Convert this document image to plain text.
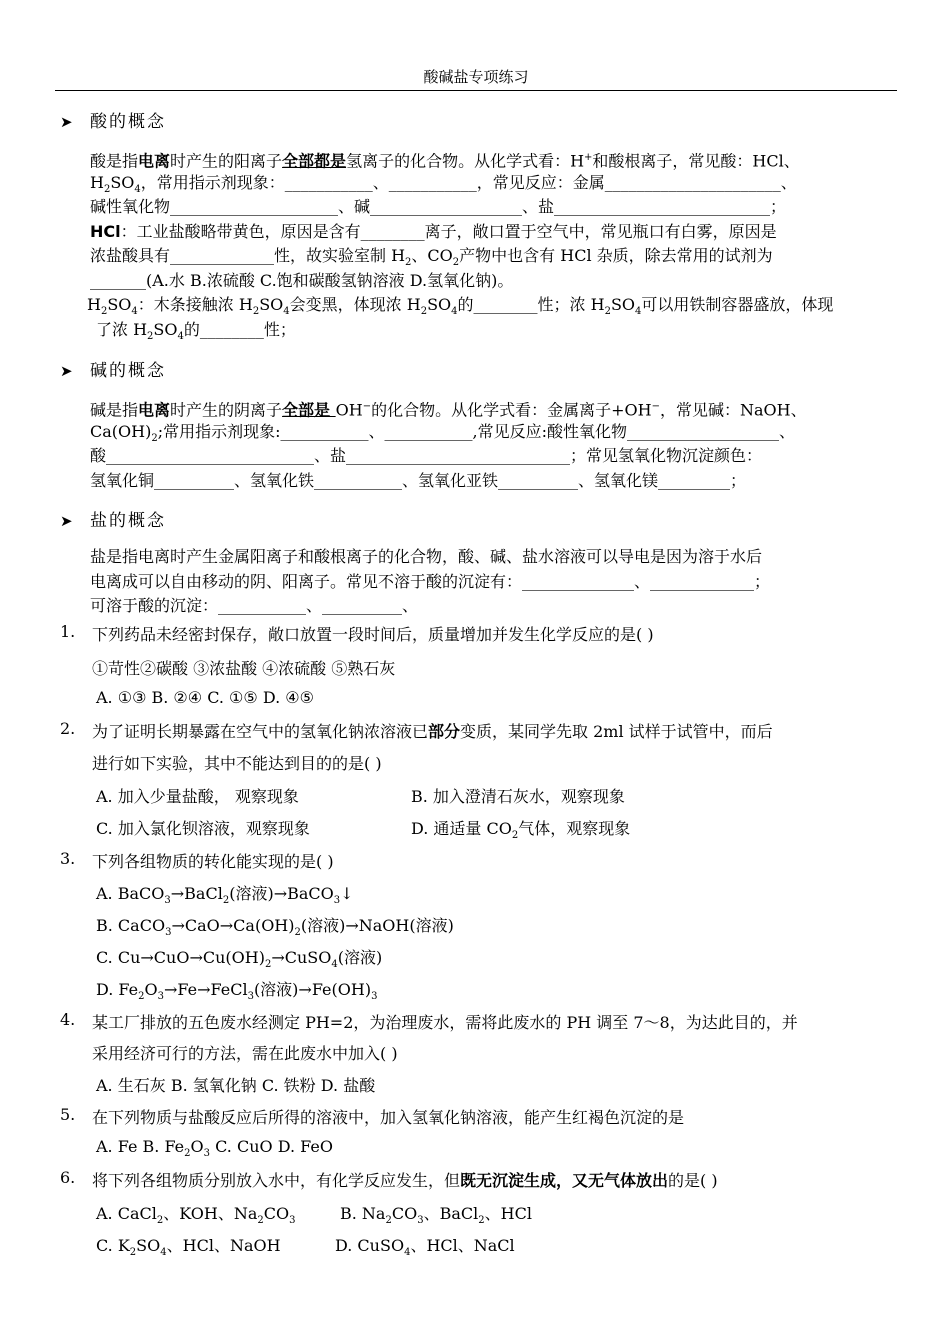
酸碱盐专项练习
➤ 酸的概念
酸是指电离时产生的阳离子全部都是氢离子的化合物。从化学式看：H+和酸根离子，常见酸：HCl、
$H_2SO_4$，常用指示剂现象：___________、___________，常见反应：金属______________________、
碱性氧化物_____________________、碱___________________、盐___________________________；
HCl：工业盐酸略带黄色，原因是含有________离子，敞口置于空气中，常见瓶口有白雾，原因是
浓盐酸具有_____________性，故实验室制 $H_2$、$CO_2$产物中也含有 HCl 杂质，除去常用的试剂为
_______(A.水 B.浓硫酸 C.饱和碳酸氢钠溶液 D.氢氧化钠)。
$H_2SO_4$：木条接触浓 $H_2SO_4$会变黑，体现浓 $H_2SO_4$的________性；浓 $H_2SO_4$可以用铁制容器盛放，体现
了浓 $H_2SO_4$的________性；
➤ 碱的概念
碱是指电离时产生的阴离子全部是 OH−的化合物。从化学式看：金属离子+OH−，常见碱：NaOH、
$Ca(OH)_2$;常用指示剂现象:___________、___________,常见反应:酸性氧化物___________________、
酸__________________________、盐____________________________；常见氢氧化物沉淀颜色：
氢氧化铜__________、氢氧化铁___________、氢氧化亚铁__________、氢氧化镁_________；
➤ 盐的概念
盐是指电离时产生金属阳离子和酸根离子的化合物，酸、碱、盐水溶液可以导电是因为溶于水后
电离成可以自由移动的阴、阳离子。常见不溶于酸的沉淀有：______________、_____________；
可溶于酸的沉淀：___________、__________、
1. 下列药品未经密封保存，敞口放置一段时间后，质量增加并发生化学反应的是( )
①苛性②碳酸 ③浓盐酸 ④浓硫酸 ⑤熟石灰
A. ①③ B. ②④ C. ①⑤ D. ④⑤
2. 为了证明长期暴露在空气中的氢氧化钠浓溶液已部分变质，某同学先取 2ml 试样于试管中，而后
进行如下实验，其中不能达到目的的是( )
A. 加入少量盐酸， 观察现象	B. 加入澄清石灰水，观察现象
C. 加入氯化钡溶液，观察现象	D. 通适量 $CO_2$气体，观察现象
3. 下列各组物质的转化能实现的是( )
A. BaCO$_3$→BaCl$_2$(溶液)→BaCO$_3$↓
B. $CaCO_3\to CaO\to Ca(OH)_2$(溶液)→NaOH(溶液)
C. $Cu\to CuO\to Cu(OH)_2\to CuSO_4$(溶液)
D. $Fe_2O_3\to Fe\to FeCl_3$(溶液)$\to Fe(OH)_3$
4. 某工厂排放的五色废水经测定 PH=2，为治理废水，需将此废水的 PH 调至 7～8，为达此目的，并
采用经济可行的方法，需在此废水中加入( )
A. 生石灰 B. 氢氧化钠 C. 铁粉 D. 盐酸
5. 在下列物质与盐酸反应后所得的溶液中，加入氢氧化钠溶液，能产生红褐色沉淀的是
A. Fe B. $Fe_2O_3$ C. CuO D. FeO
6. 将下列各组物质分别放入水中，有化学反应发生，但既无沉淀生成，又无气体放出的是( )
A. CaCl$_2$、KOH、$Na_2CO_3$	B. $Na_2CO_3$、BaCl$_2$、HCl
C. $K_2SO_4$、HCl、NaOH	D. CuSO$_4$、HCl、NaCl
